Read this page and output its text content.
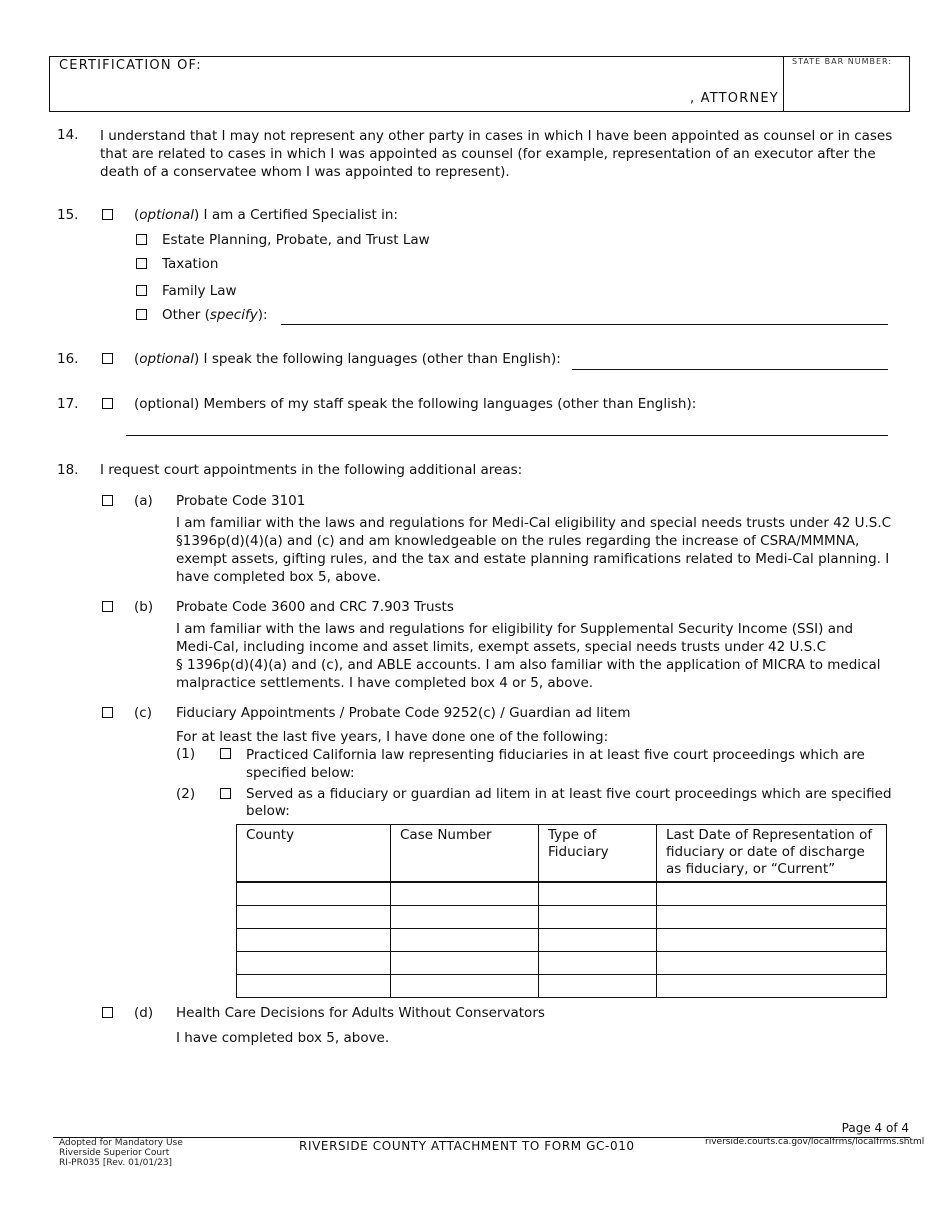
CERTIFICATION OF:
, ATTORNEY
STATE BAR NUMBER:
14. I understand that I may not represent any other party in cases in which I have been appointed as counsel or in cases
that are related to cases in which I was appointed as counsel (for example, representation of an executor after the
death of a conservatee whom I was appointed to represent).
15.	(optional) I am a Certified Specialist in:
Estate Planning, Probate, and Trust Law
Taxation
Family Law
Other (specify):
16.	(optional) I speak the following languages (other than English):
17.	(optional) Members of my staff speak the following languages (other than English):
18. I request court appointments in the following additional areas:
(a) Probate Code 3101
I am familiar with the laws and regulations for Medi-Cal eligibility and special needs trusts under 42 U.S.C
§1396p(d)(4)(a) and (c) and am knowledgeable on the rules regarding the increase of CSRA/MMMNA,
exempt assets, gifting rules, and the tax and estate planning ramifications related to Medi-Cal planning. I
have completed box 5, above.
(b) Probate Code 3600 and CRC 7.903 Trusts
I am familiar with the laws and regulations for eligibility for Supplemental Security Income (SSI) and
Medi-Cal, including income and asset limits, exempt assets, special needs trusts under 42 U.S.C
§ 1396p(d)(4)(a) and (c), and ABLE accounts. I am also familiar with the application of MICRA to medical
malpractice settlements. I have completed box 4 or 5, above.
(c) Fiduciary Appointments / Probate Code 9252(c) / Guardian ad litem
For at least the last five years, I have done one of the following:
(1)	Practiced California law representing fiduciaries in at least five court proceedings which are
specified below:
(2)	Served as a fiduciary or guardian ad litem in at least five court proceedings which are specified
below:
County	Case Number	Type of Fiduciary	Last Date of Representation of fiduciary or date of discharge as fiduciary, or “Current”

(d) Health Care Decisions for Adults Without Conservators
I have completed box 5, above.
Page 4 of 4
Adopted for Mandatory Use
Riverside Superior Court
RI-PR035 [Rev. 01/01/23]
RIVERSIDE COUNTY ATTACHMENT TO FORM GC-010	riverside.courts.ca.gov/localfrms/localfrms.shtml
